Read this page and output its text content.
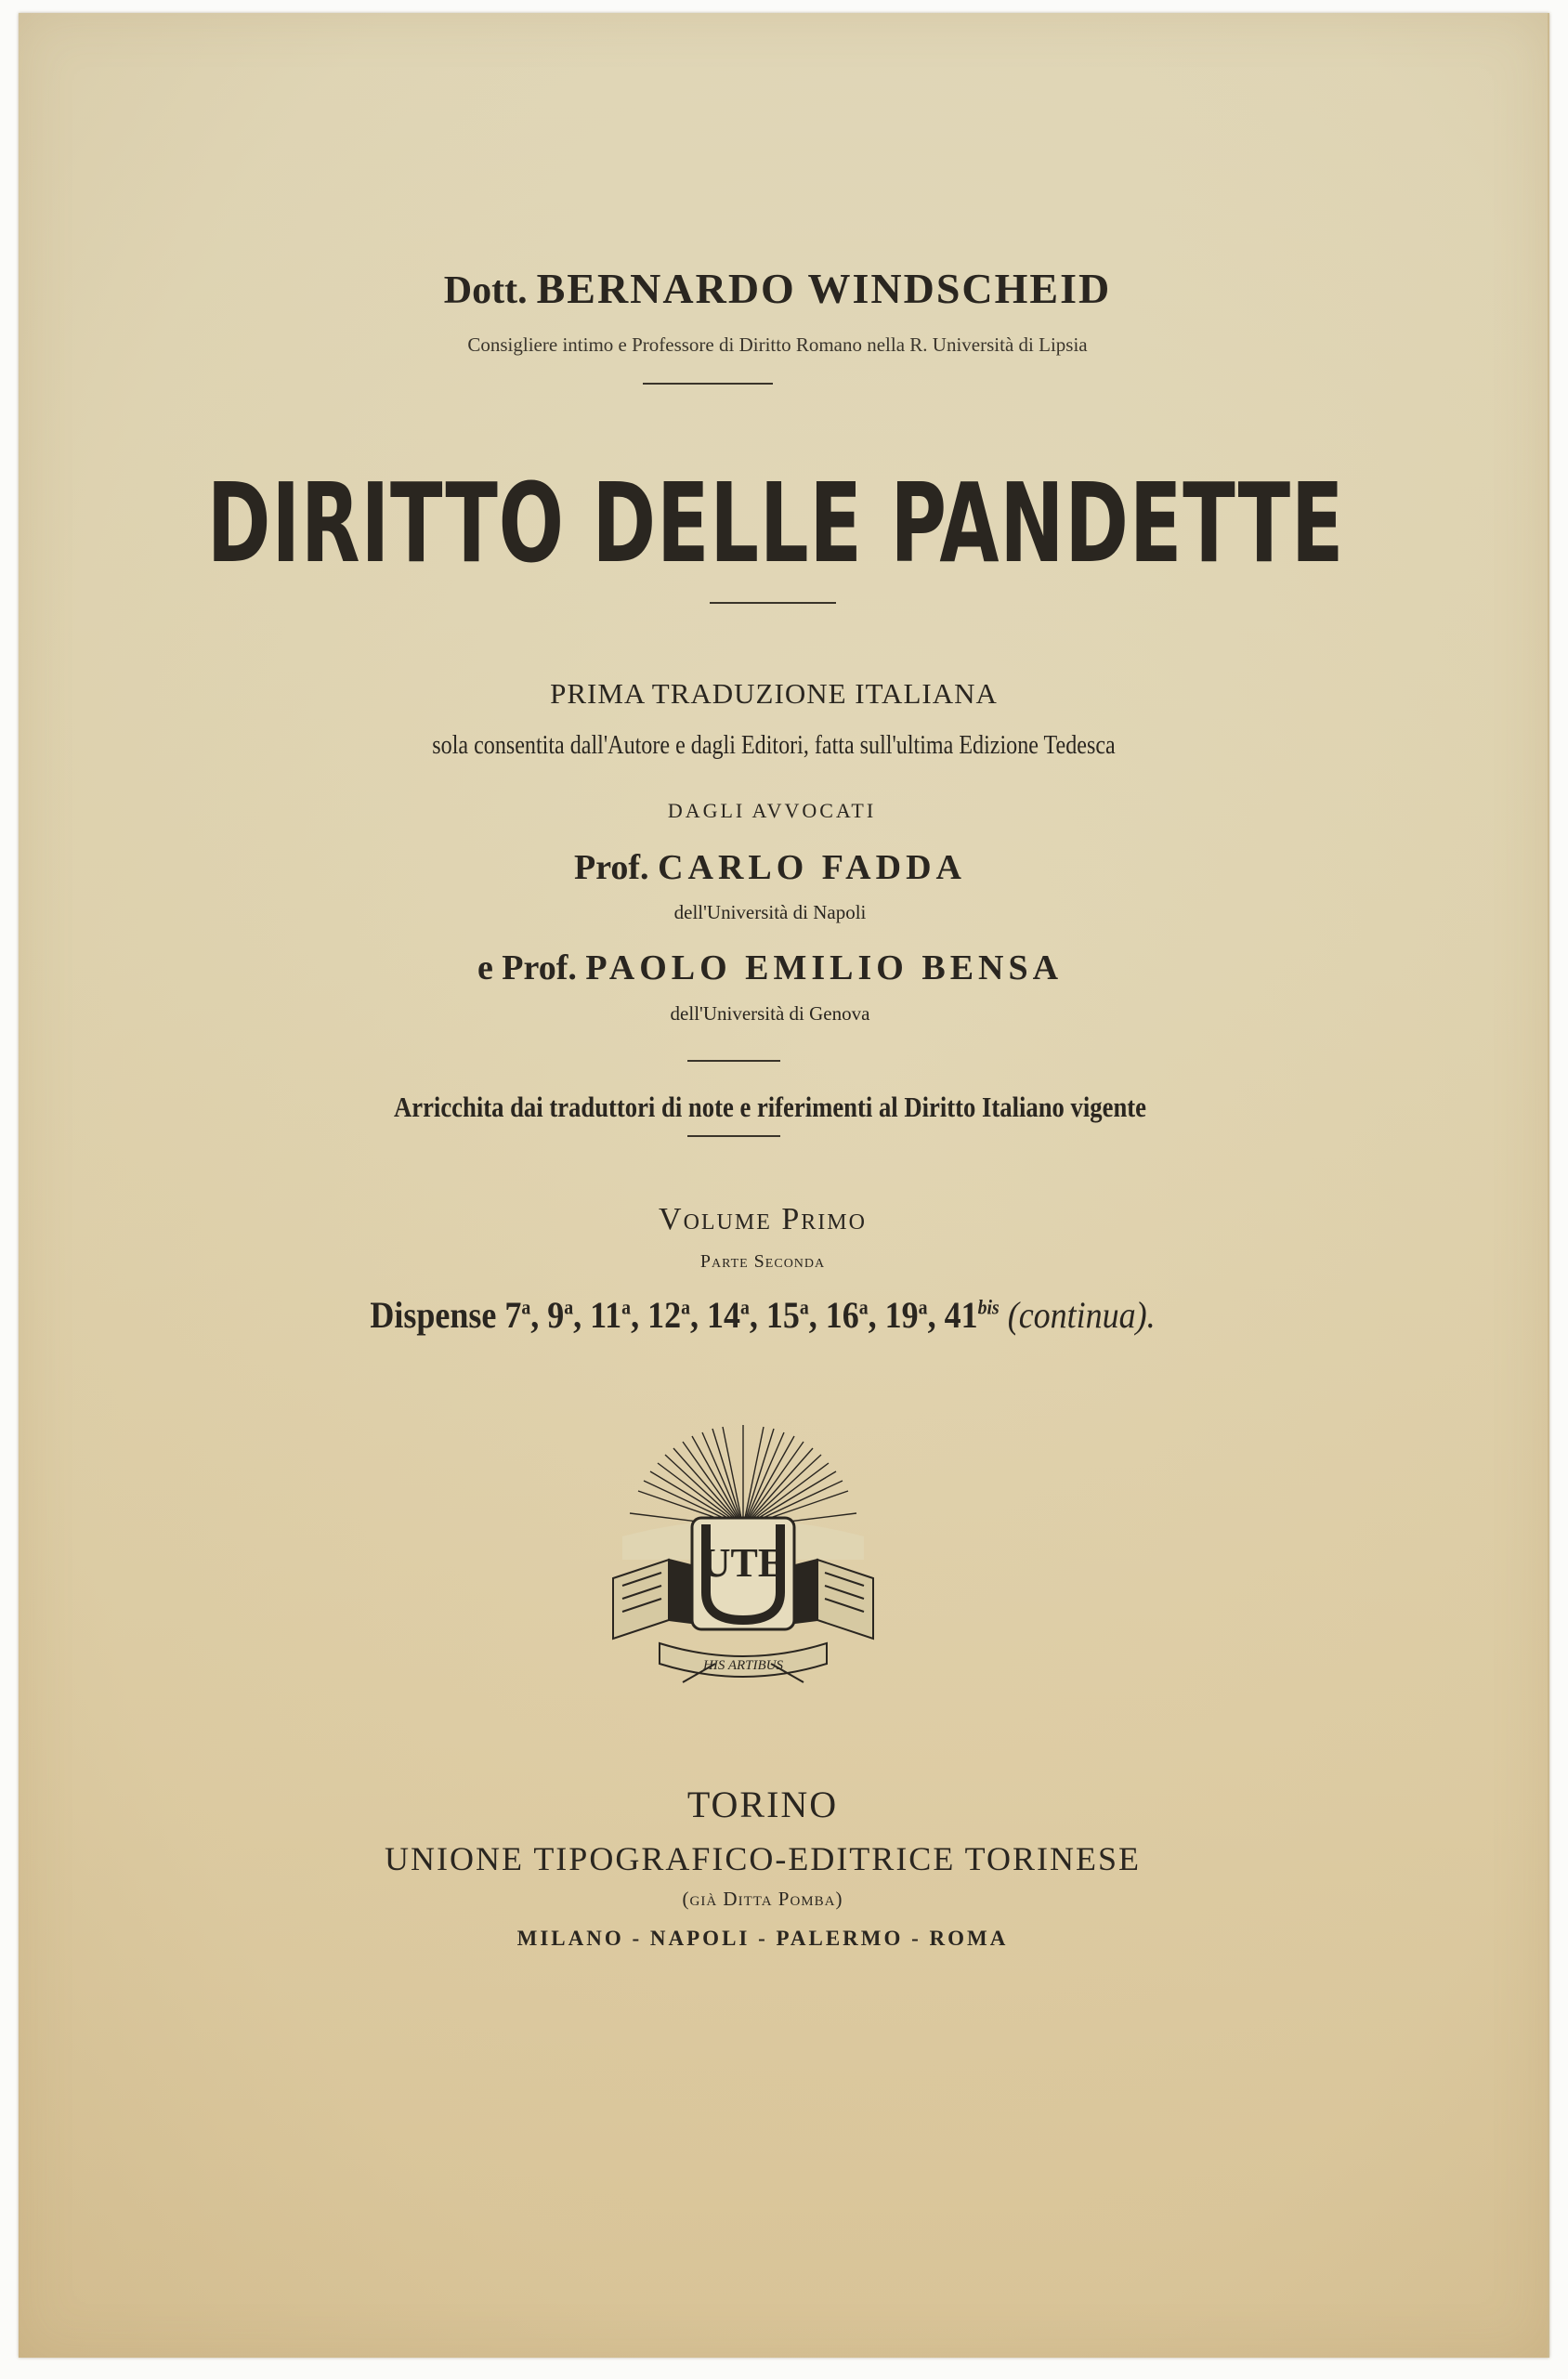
Dott. BERNARDO WINDSCHEID
Consigliere intimo e Professore di Diritto Romano nella R. Università di Lipsia
DIRITTO DELLE PANDETTE
PRIMA TRADUZIONE ITALIANA
sola consentita dall'Autore e dagli Editori, fatta sull'ultima Edizione Tedesca
DAGLI AVVOCATI
Prof. CARLO FADDA
dell'Università di Napoli
e Prof. PAOLO EMILIO BENSA
dell'Università di Genova
Arricchita dai traduttori di note e riferimenti al Diritto Italiano vigente
Volume Primo
Parte Seconda
Dispense 7$^a$, 9$^a$, 11$^a$, 12$^a$, 14$^a$, 15$^a$, 16$^a$, 19$^a$, $41^{bis}$ (continua).
UTE
HIS ARTIBUS
TORINO
UNIONE TIPOGRAFICO-EDITRICE TORINESE
(già Ditta Pomba)
MILANO - NAPOLI - PALERMO - ROMA
